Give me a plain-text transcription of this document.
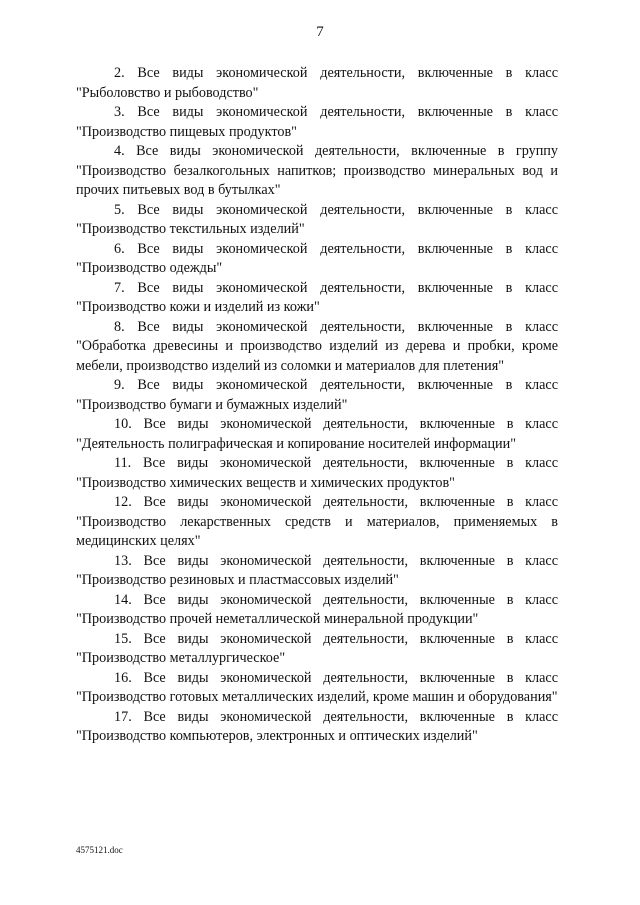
7

2. Все виды экономической деятельности, включенные в класс "Рыболовство и рыбоводство"

3. Все виды экономической деятельности, включенные в класс "Производство пищевых продуктов"

4. Все виды экономической деятельности, включенные в группу "Производство безалкогольных напитков; производство минеральных вод и прочих питьевых вод в бутылках"

5. Все виды экономической деятельности, включенные в класс "Производство текстильных изделий"

6. Все виды экономической деятельности, включенные в класс "Производство одежды"

7. Все виды экономической деятельности, включенные в класс "Производство кожи и изделий из кожи"

8. Все виды экономической деятельности, включенные в класс "Обработка древесины и производство изделий из дерева и пробки, кроме мебели, производство изделий из соломки и материалов для плетения"

9. Все виды экономической деятельности, включенные в класс "Производство бумаги и бумажных изделий"

10. Все виды экономической деятельности, включенные в класс "Деятельность полиграфическая и копирование носителей информации"

11. Все виды экономической деятельности, включенные в класс "Производство химических веществ и химических продуктов"

12. Все виды экономической деятельности, включенные в класс "Производство лекарственных средств и материалов, применяемых в медицинских целях"

13. Все виды экономической деятельности, включенные в класс "Производство резиновых и пластмассовых изделий"

14. Все виды экономической деятельности, включенные в класс "Производство прочей неметаллической минеральной продукции"

15. Все виды экономической деятельности, включенные в класс "Производство металлургическое"

16. Все виды экономической деятельности, включенные в класс "Производство готовых металлических изделий, кроме машин и оборудования"

17. Все виды экономической деятельности, включенные в класс "Производство компьютеров, электронных и оптических изделий"

4575121.doc
